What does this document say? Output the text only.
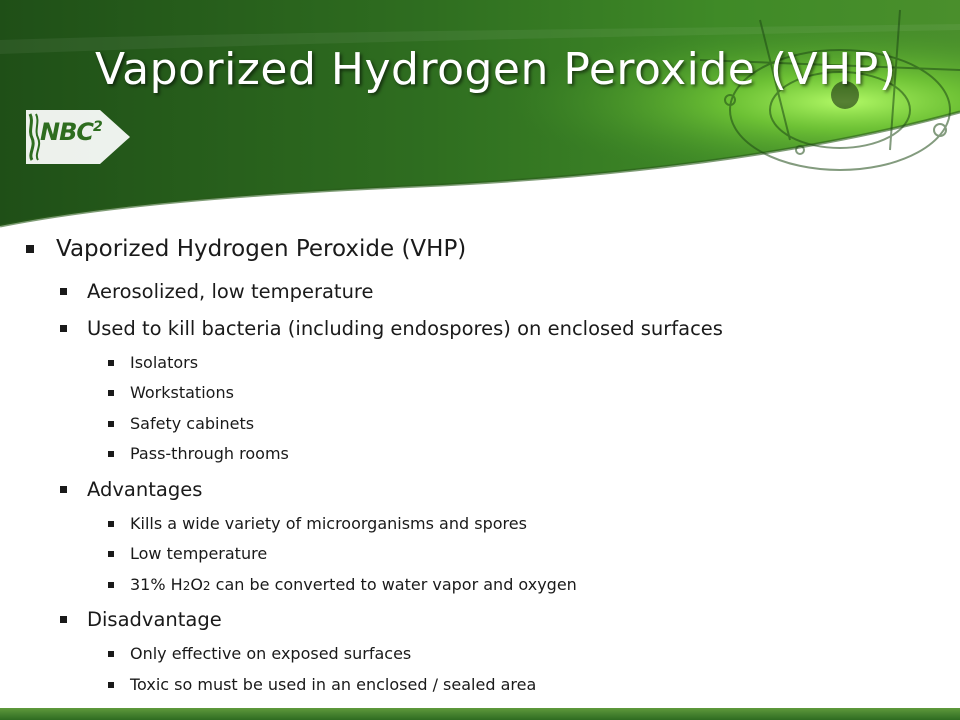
Vaporized Hydrogen Peroxide (VHP)
NBC$^2$
Vaporized Hydrogen Peroxide (VHP)
Aerosolized, low temperature
Used to kill bacteria (including endospores) on enclosed surfaces
Isolators
Workstations
Safety cabinets
Pass-through rooms
Advantages
Kills a wide variety of microorganisms and spores
Low temperature
31% H2O2 can be converted to water vapor and oxygen
Disadvantage
Only effective on exposed surfaces
Toxic so must be used in an enclosed / sealed area
